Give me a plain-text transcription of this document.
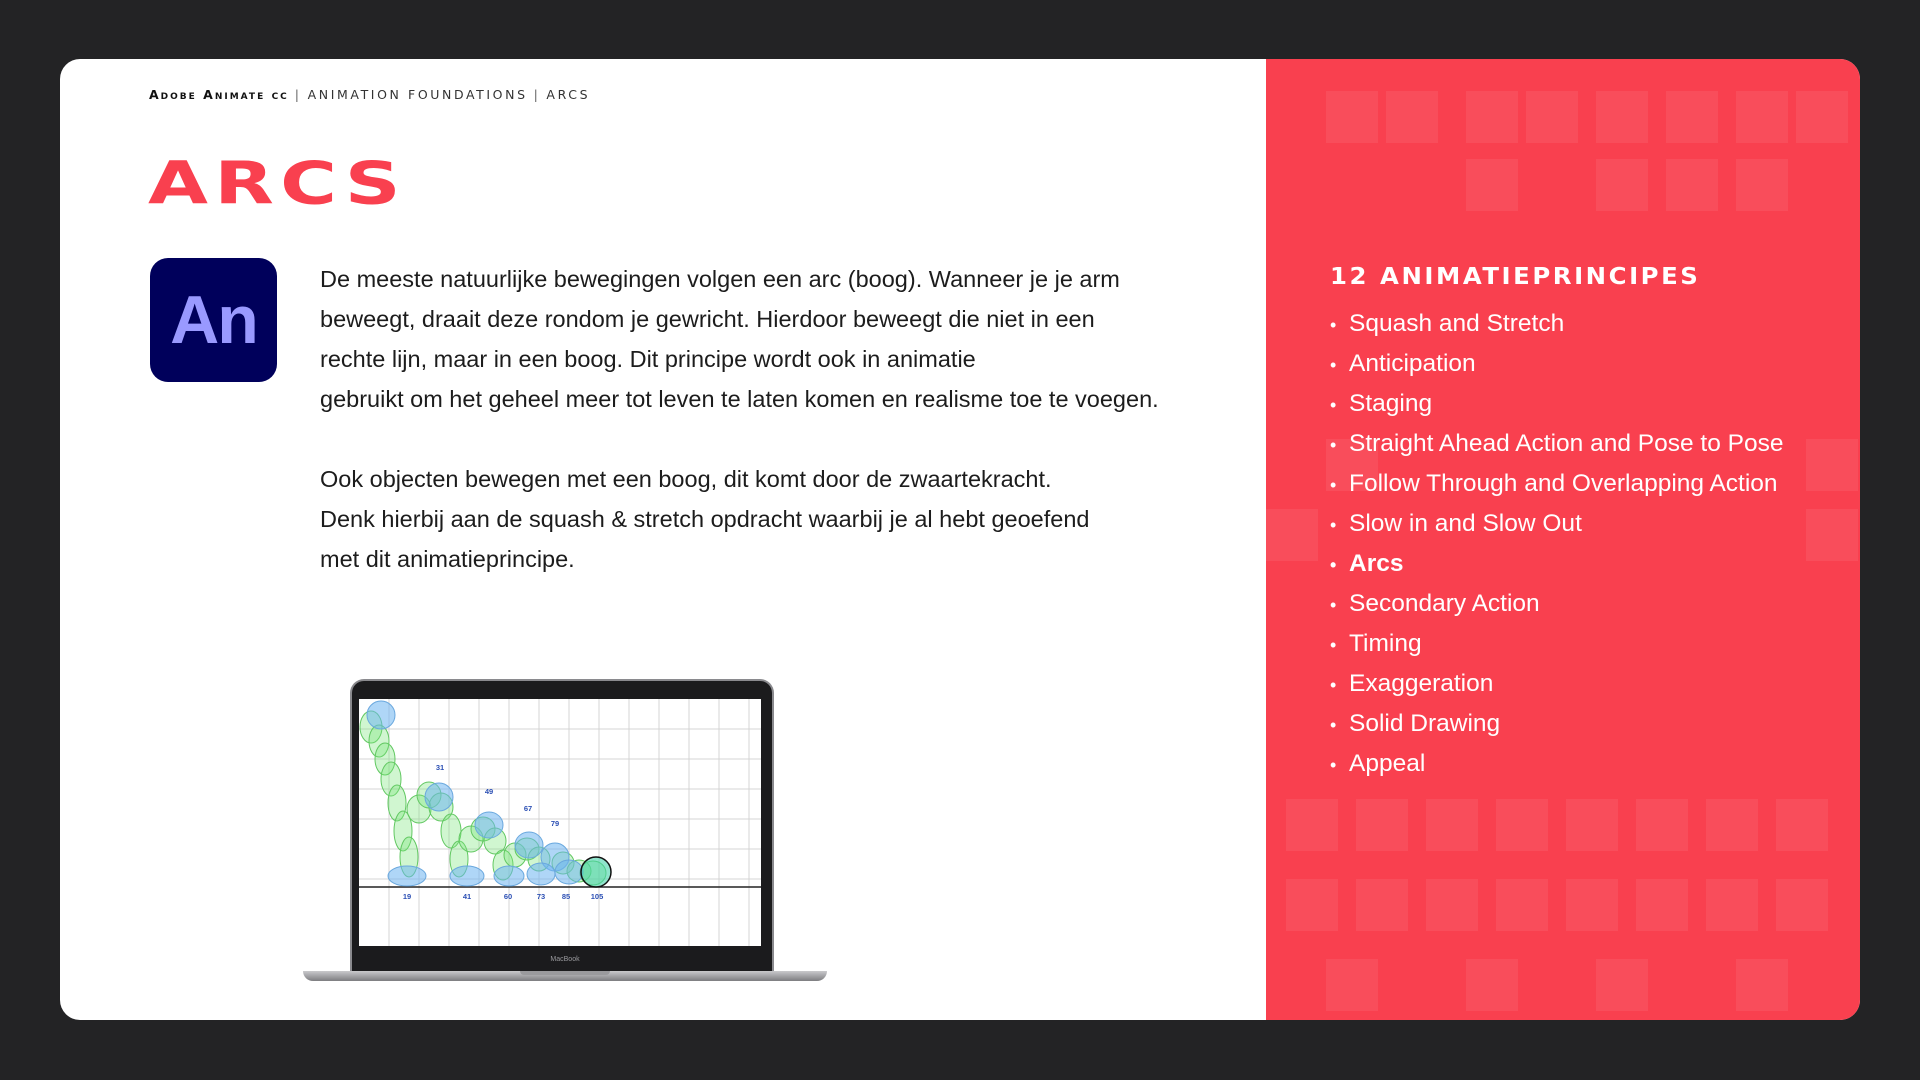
Adobe Animate cc | ANIMATION FOUNDATIONS | ARCS
ARCS
An

De meeste natuurlijke bewegingen volgen een arc (boog). Wanneer je je arm
beweegt, draait deze rondom je gewricht. Hierdoor beweegt die niet in een
rechte lijn, maar in een boog. Dit principe wordt ook in animatie
gebruikt om het geheel meer tot leven te laten komen en realisme toe te voegen.

Ook objecten bewegen met een boog, dit komt door de zwaartekracht.
Denk hierbij aan de squash & stretch opdracht waarbij je al hebt geoefend
met dit animatieprincipe.

31
49
67
79
19	41	60	73 85	105
MacBook
12 ANIMATIEPRINCIPES
• Squash and Stretch
• Anticipation
• Staging
• Straight Ahead Action and Pose to Pose
• Follow Through and Overlapping Action
• Slow in and Slow Out
• Arcs
• Secondary Action
• Timing
• Exaggeration
• Solid Drawing
• Appeal
